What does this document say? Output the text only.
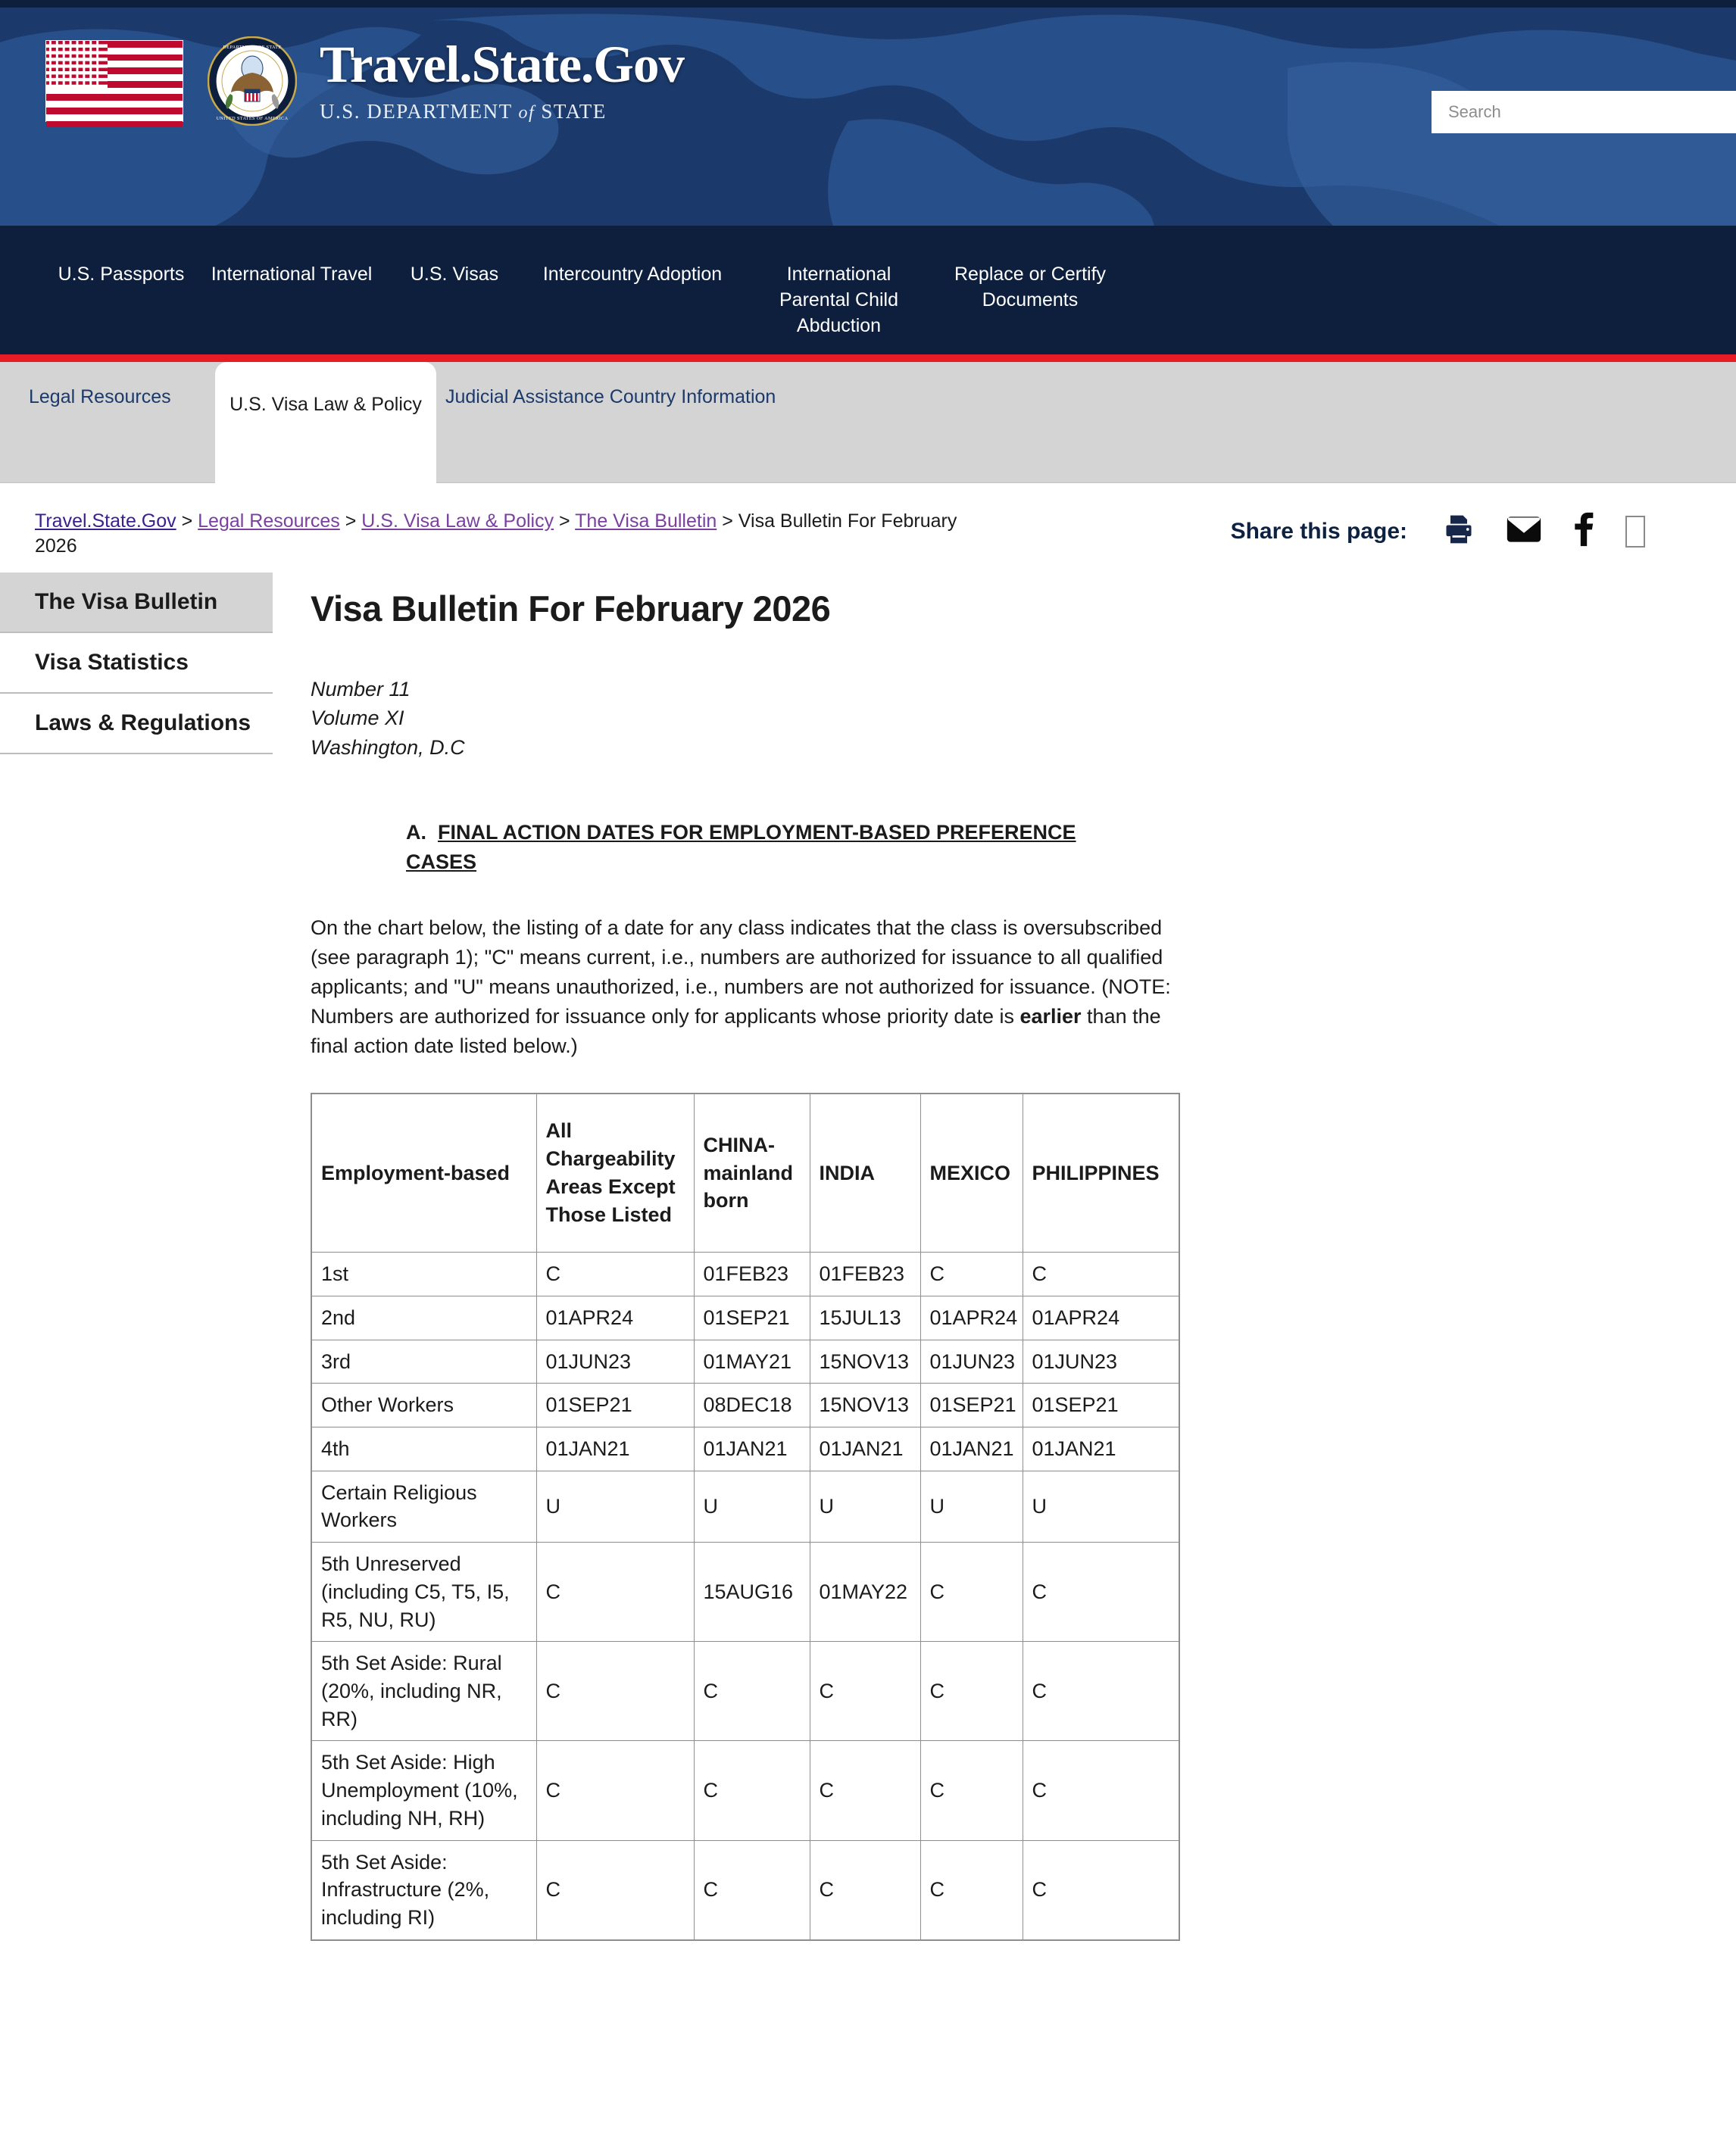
DEPARTMENT OF STATE
UNITED STATES OF AMERICA
Travel.State.Gov
U.S. DEPARTMENT of STATE
Search
U.S. Passports	International Travel	U.S. Visas	Intercountry Adoption	International Parental Child Abduction
Replace or Certify Documents
Legal Resources	U.S. Visa Law & Policy	Judicial Assistance Country Information
Travel.State.Gov > Legal Resources > U.S. Visa Law & Policy > The Visa Bulletin > Visa Bulletin For February 2026
Share this page:
The Visa Bulletin
Visa Statistics
Laws & Regulations
Visa Bulletin For February 2026
Number 11
Volume XI
Washington, D.C
A. FINAL ACTION DATES FOR EMPLOYMENT-BASED PREFERENCE CASES

On the chart below, the listing of a date for any class indicates that the class is oversubscribed (see paragraph 1); "C" means current, i.e., numbers are authorized for issuance to all qualified applicants; and "U" means unauthorized, i.e., numbers are not authorized for issuance. (NOTE: Numbers are authorized for issuance only for applicants whose priority date is earlier than the final action date listed below.)

Employment-based	All Chargeability Areas Except Those Listed	CHINA-mainland born	INDIA	MEXICO	PHILIPPINES
1st	C	01FEB23	01FEB23	C	C
2nd	01APR24	01SEP21	15JUL13	01APR24	01APR24
3rd	01JUN23	01MAY21	15NOV13	01JUN23	01JUN23
Other Workers	01SEP21	08DEC18	15NOV13	01SEP21	01SEP21
4th	01JAN21	01JAN21	01JAN21	01JAN21	01JAN21
Certain Religious Workers	U	U	U	U	U
5th Unreserved (including C5, T5, I5, R5, NU, RU)	C	15AUG16	01MAY22	C	C
5th Set Aside: Rural (20%, including NR, RR)	C	C	C	C	C
5th Set Aside: High Unemployment (10%, including NH, RH)	C	C	C	C	C
5th Set Aside: Infrastructure (2%, including RI)	C	C	C	C	C
